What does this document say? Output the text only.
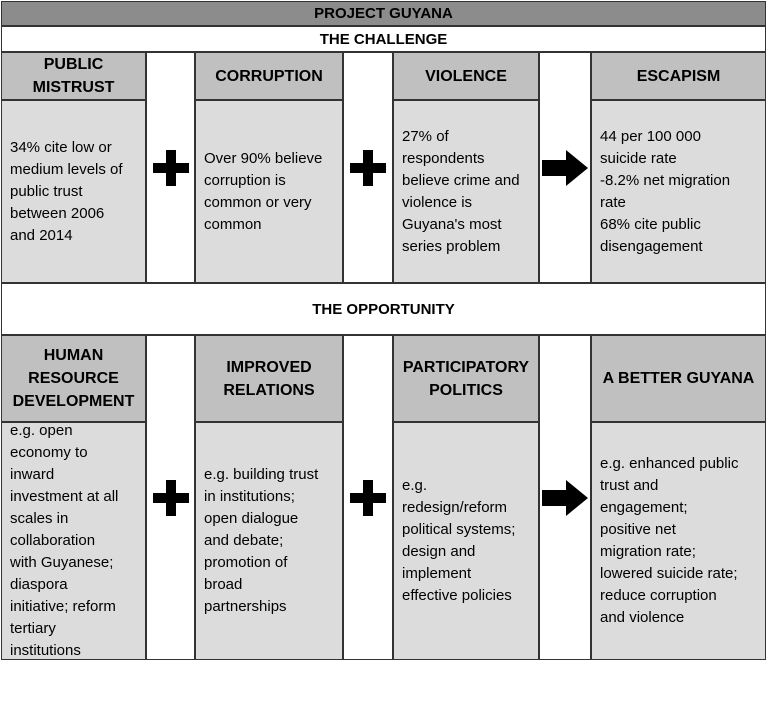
PROJECT GUYANA
THE CHALLENGE
PUBLIC MISTRUST
34% cite low or
medium levels of
public trust
between 2006
and 2014
CORRUPTION
Over 90% believe
corruption is
common or very
common
VIOLENCE
27% of
respondents
believe crime and
violence is
Guyana's most
series problem
ESCAPISM
44 per 100 000
suicide rate
-8.2% net migration
rate
68% cite public
disengagement
THE OPPORTUNITY
HUMAN RESOURCE DEVELOPMENT
e.g. open
economy to
inward
investment at all
scales in
collaboration
with Guyanese;
diaspora
initiative; reform
tertiary
institutions
IMPROVED RELATIONS
e.g. building trust
in institutions;
open dialogue
and debate;
promotion of
broad
partnerships
PARTICIPATORY POLITICS
e.g.
redesign/reform
political systems;
design and
implement
effective policies
A BETTER GUYANA
e.g. enhanced public
trust and
engagement;
positive net
migration rate;
lowered suicide rate;
reduce corruption
and violence
